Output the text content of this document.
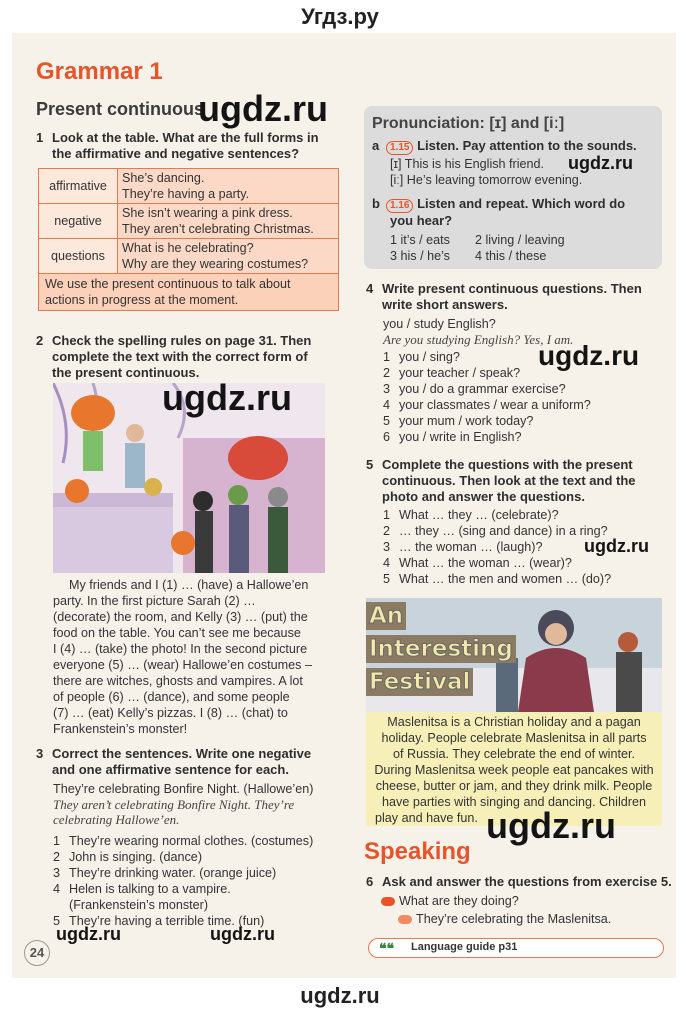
Угдз.ру
Grammar 1
Present continuous
ugdz.ru
1 Look at the table. What are the full forms in
the affirmative and negative sentences?
affirmative	She’s dancing.
They’re having a party.

negative	She isn’t wearing a pink dress.
They aren’t celebrating Christmas.

questions	What is he celebrating?
Why are they wearing costumes?
We use the present continuous to talk about
actions in progress at the moment.
2 Check the spelling rules on page 31. Then
complete the text with the correct form of
the present continuous.
ugdz.ru
My friends and I (1) … (have) a Hallowe’en
party. In the first picture Sarah (2) …
(decorate) the room, and Kelly (3) … (put) the
food on the table. You can’t see me because
I (4) … (take) the photo! In the second picture
everyone (5) … (wear) Hallowe’en costumes –
there are witches, ghosts and vampires. A lot
of people (6) … (dance), and some people
(7) … (eat) Kelly’s pizzas. I (8) … (chat) to
Frankenstein’s monster!
3 Correct the sentences. Write one negative
and one affirmative sentence for each.
They’re celebrating Bonfire Night. (Hallowe’en)
They aren’t celebrating Bonfire Night. They’re
celebrating Hallowe’en.
1 They’re wearing normal clothes. (costumes)
2 John is singing. (dance)
3 They’re drinking water. (orange juice)
4 Helen is talking to a vampire.
(Frankenstein’s monster)
5 They’re having a terrible time. (fun)
24
ugdz.ru	ugdz.ru
Pronunciation: [ɪ] and [iː]
a 1.15 Listen. Pay attention to the sounds.
[ɪ] This is his English friend.
[iː] He’s leaving tomorrow evening.
b 1.16 Listen and repeat. Which word do
you hear?
1 it’s / eats 2 living / leaving
3 his / he’s 4 this / these
ugdz.ru
4 Write present continuous questions. Then
write short answers.
you / study English?
Are you studying English? Yes, I am.
1 you / sing?
2 your teacher / speak?
3 you / do a grammar exercise?
4 your classmates / wear a uniform?
5 your mum / work today?
6 you / write in English?
ugdz.ru
5 Complete the questions with the present
continuous. Then look at the text and the
photo and answer the questions.
1 What … they … (celebrate)?
2 … they … (sing and dance) in a ring?
3 … the woman … (laugh)?
4 What … the woman … (wear)?
5 What … the men and women … (do)?
ugdz.ru
An
Interesting
Festival
Maslenitsa is a Christian holiday and a pagan
holiday. People celebrate Maslenitsa in all parts
of Russia. They celebrate the end of winter.
During Maslenitsa week people eat pancakes with
cheese, butter or jam, and they drink milk. People
have parties with singing and dancing. Children
play and have fun. ugdz.ru
Speaking
6 Ask and answer the questions from exercise 5.
What are they doing?
They’re celebrating the Maslenitsa.
❝❝ Language guide p31
ugdz.ru
